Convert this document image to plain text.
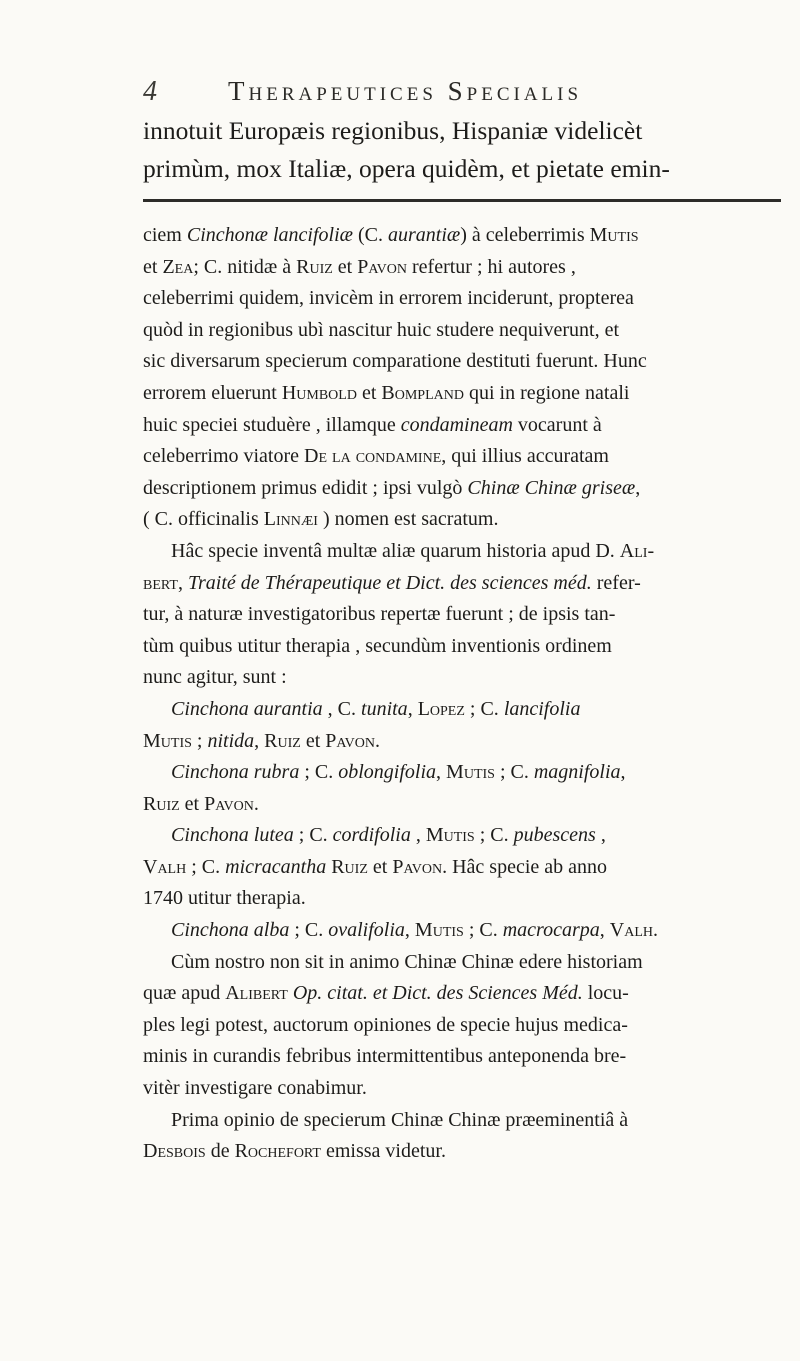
4	Therapeutices Specialis
innotuit Europæis regionibus, Hispaniæ videlicèt
primùm, mox Italiæ, opera quidèm, et pietate emin-
ciem Cinchonæ lancifoliæ (C. aurantiæ) à celeberrimis Mutis
et Zea; C. nitidæ à Ruiz et Pavon refertur ; hi autores ,
celeberrimi quidem, invicèm in errorem inciderunt, propterea
quòd in regionibus ubì nascitur huic studere nequiverunt, et
sic diversarum specierum comparatione destituti fuerunt. Hunc
errorem eluerunt Humbold et Bompland qui in regione natali
huic speciei studuère , illamque condamineam vocarunt à
celeberrimo viatore De la condamine, qui illius accuratam
descriptionem primus edidit ; ipsi vulgò Chinæ Chinæ griseæ,
( C. officinalis Linnæi ) nomen est sacratum.
Hâc specie inventâ multæ aliæ quarum historia apud D. Ali-
bert, Traité de Thérapeutique et Dict. des sciences méd. refer-
tur, à naturæ investigatoribus repertæ fuerunt ; de ipsis tan-
tùm quibus utitur therapia , secundùm inventionis ordinem
nunc agitur, sunt :
Cinchona aurantia , C. tunita, Lopez ; C. lancifolia
Mutis ; nitida, Ruiz et Pavon.
Cinchona rubra ; C. oblongifolia, Mutis ; C. magnifolia,
Ruiz et Pavon.
Cinchona lutea ; C. cordifolia , Mutis ; C. pubescens ,
Valh ; C. micracantha Ruiz et Pavon. Hâc specie ab anno
1740 utitur therapia.
Cinchona alba ; C. ovalifolia, Mutis ; C. macrocarpa, Valh.
Cùm nostro non sit in animo Chinæ Chinæ edere historiam
quæ apud Alibert Op. citat. et Dict. des Sciences Méd. locu-
ples legi potest, auctorum opiniones de specie hujus medica-
minis in curandis febribus intermittentibus anteponenda bre-
vitèr investigare conabimur.
Prima opinio de specierum Chinæ Chinæ præeminentiâ à
Desbois de Rochefort emissa videtur.
